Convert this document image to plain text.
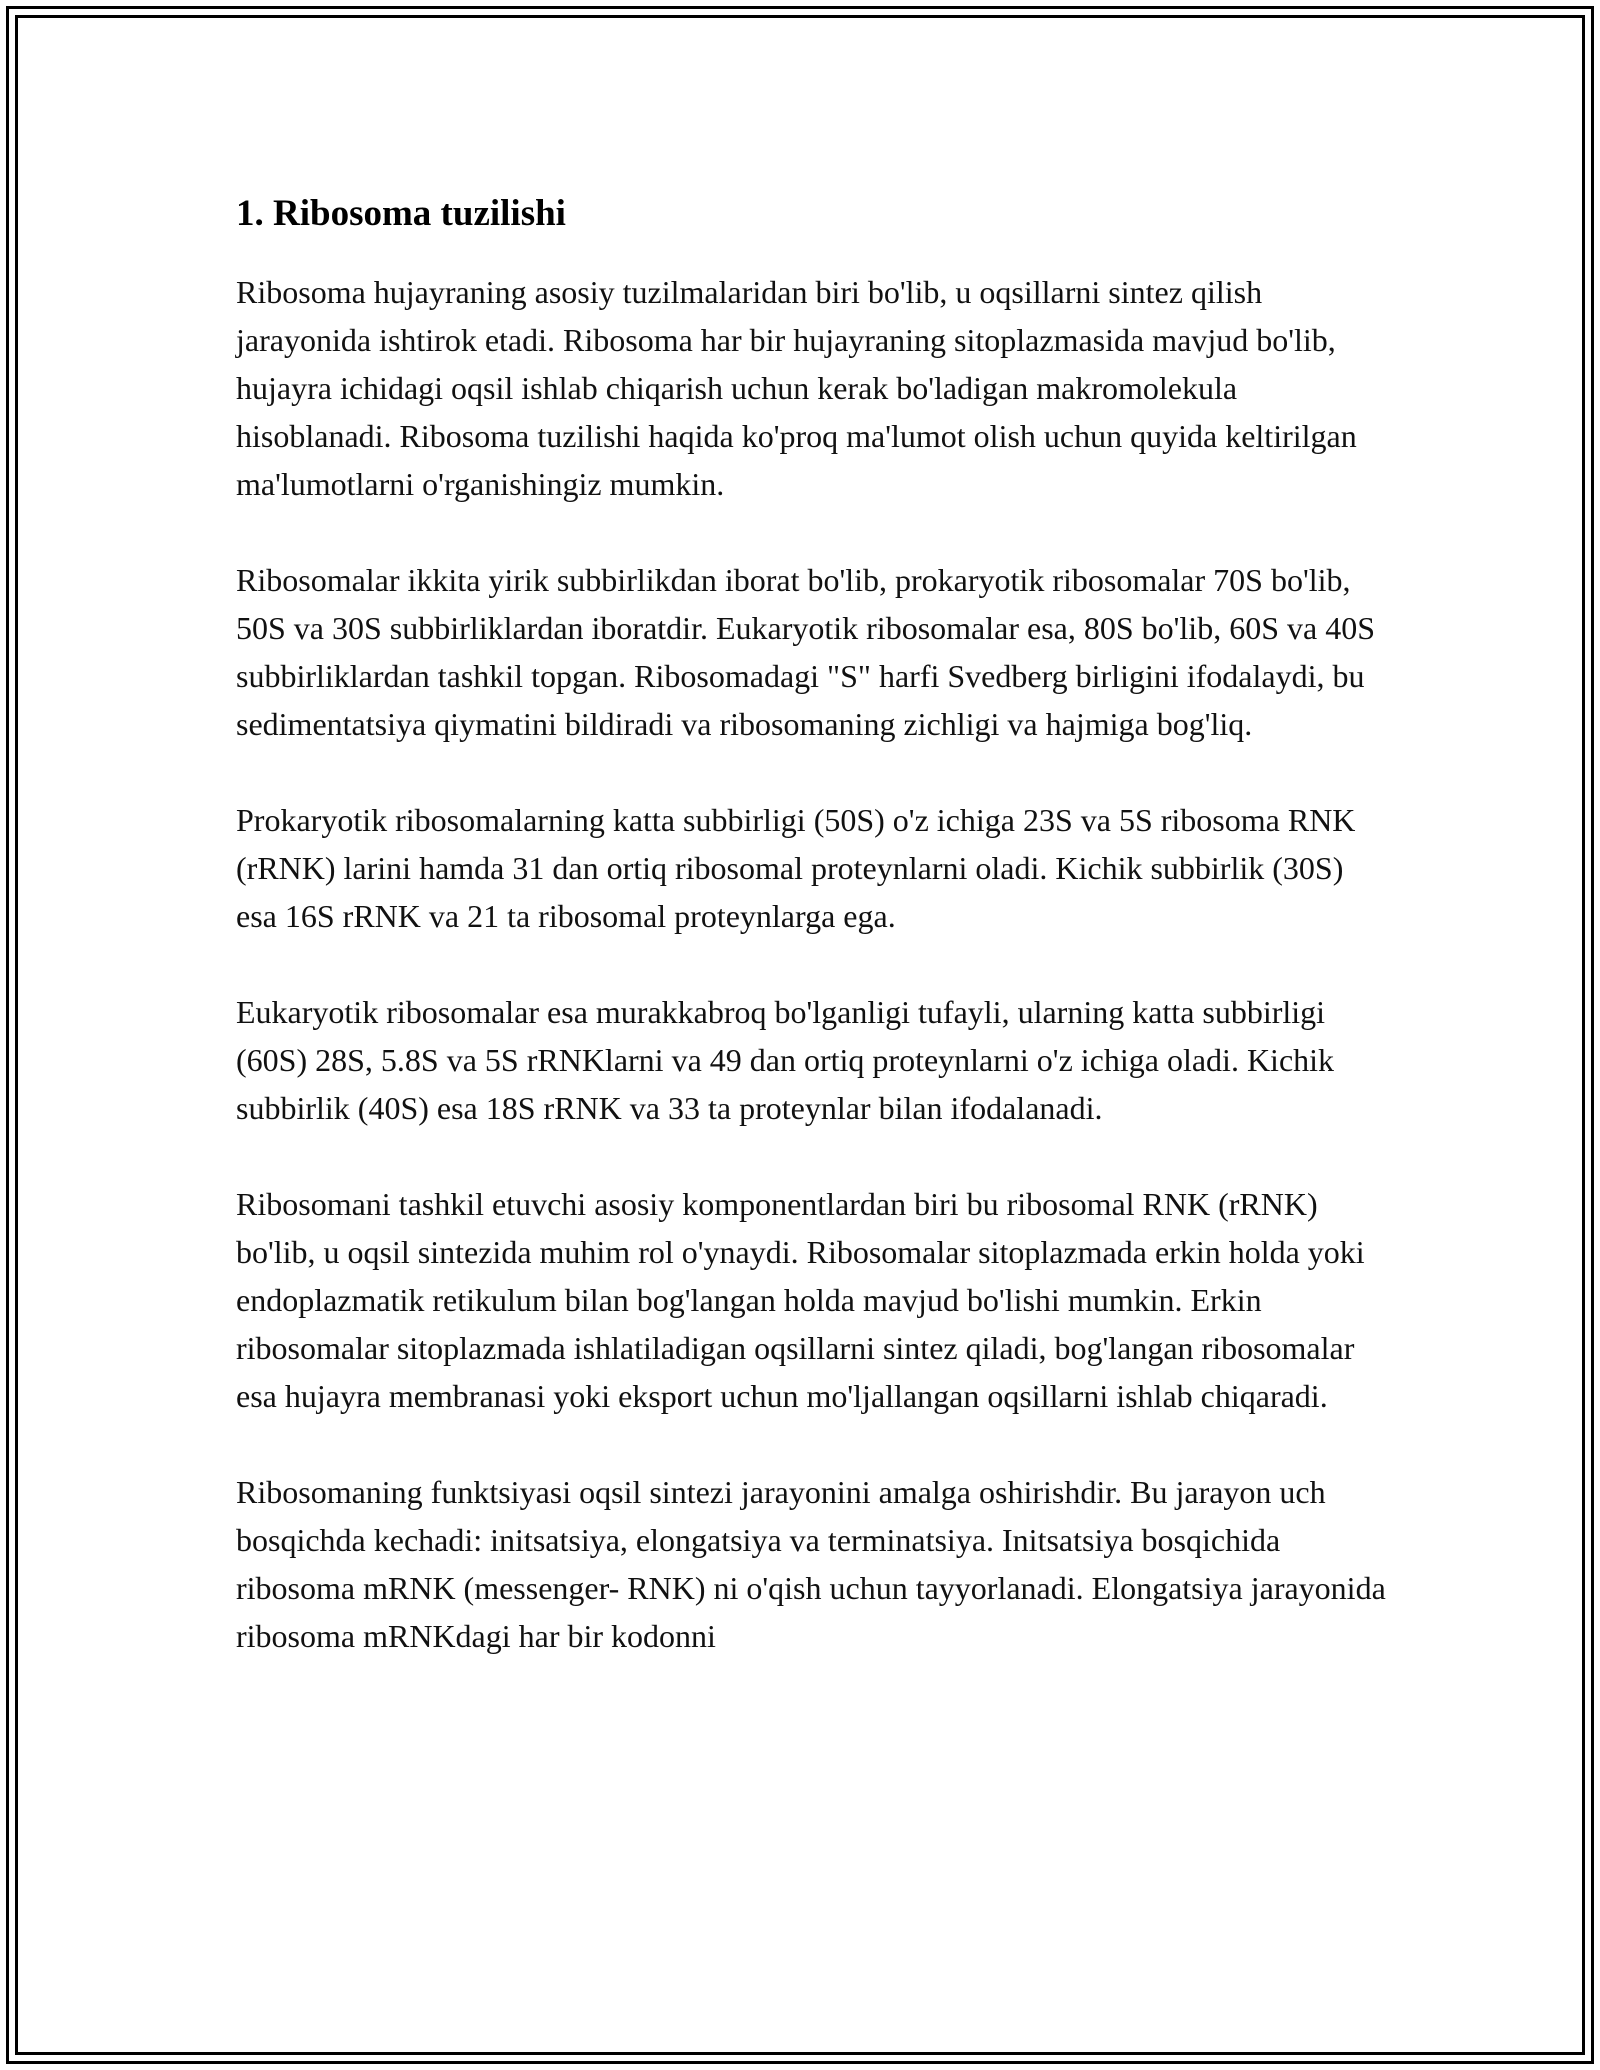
1. Ribosoma tuzilishi

Ribosoma hujayraning asosiy tuzilmalaridan biri bo'lib, u oqsillarni sintez qilish jarayonida ishtirok etadi. Ribosoma har bir hujayraning sitoplazmasida mavjud bo'lib, hujayra ichidagi oqsil ishlab chiqarish uchun kerak bo'ladigan makromolekula hisoblanadi. Ribosoma tuzilishi haqida ko'proq ma'lumot olish uchun quyida keltirilgan ma'lumotlarni o'rganishingiz mumkin.

Ribosomalar ikkita yirik subbirlikdan iborat bo'lib, prokaryotik ribosomalar 70S bo'lib, 50S va 30S subbirliklardan iboratdir. Eukaryotik ribosomalar esa, 80S bo'lib, 60S va 40S subbirliklardan tashkil topgan. Ribosomadagi "S" harfi Svedberg birligini ifodalaydi, bu sedimentatsiya qiymatini bildiradi va ribosomaning zichligi va hajmiga bog'liq.

Prokaryotik ribosomalarning katta subbirligi (50S) o'z ichiga 23S va 5S ribosoma RNK (rRNK) larini hamda 31 dan ortiq ribosomal proteynlarni oladi. Kichik subbirlik (30S) esa 16S rRNK va 21 ta ribosomal proteynlarga ega.

Eukaryotik ribosomalar esa murakkabroq bo'lganligi tufayli, ularning katta subbirligi (60S) 28S, 5.8S va 5S rRNKlarni va 49 dan ortiq proteynlarni o'z ichiga oladi. Kichik subbirlik (40S) esa 18S rRNK va 33 ta proteynlar bilan ifodalanadi.

Ribosomani tashkil etuvchi asosiy komponentlardan biri bu ribosomal RNK (rRNK) bo'lib, u oqsil sintezida muhim rol o'ynaydi. Ribosomalar sitoplazmada erkin holda yoki endoplazmatik retikulum bilan bog'langan holda mavjud bo'lishi mumkin. Erkin ribosomalar sitoplazmada ishlatiladigan oqsillarni sintez qiladi, bog'langan ribosomalar esa hujayra membranasi yoki eksport uchun mo'ljallangan oqsillarni ishlab chiqaradi.

Ribosomaning funktsiyasi oqsil sintezi jarayonini amalga oshirishdir. Bu jarayon uch bosqichda kechadi: initsatsiya, elongatsiya va terminatsiya. Initsatsiya bosqichida ribosoma mRNK (messenger- RNK) ni o'qish uchun tayyorlanadi. Elongatsiya jarayonida ribosoma mRNKdagi har bir kodonni
